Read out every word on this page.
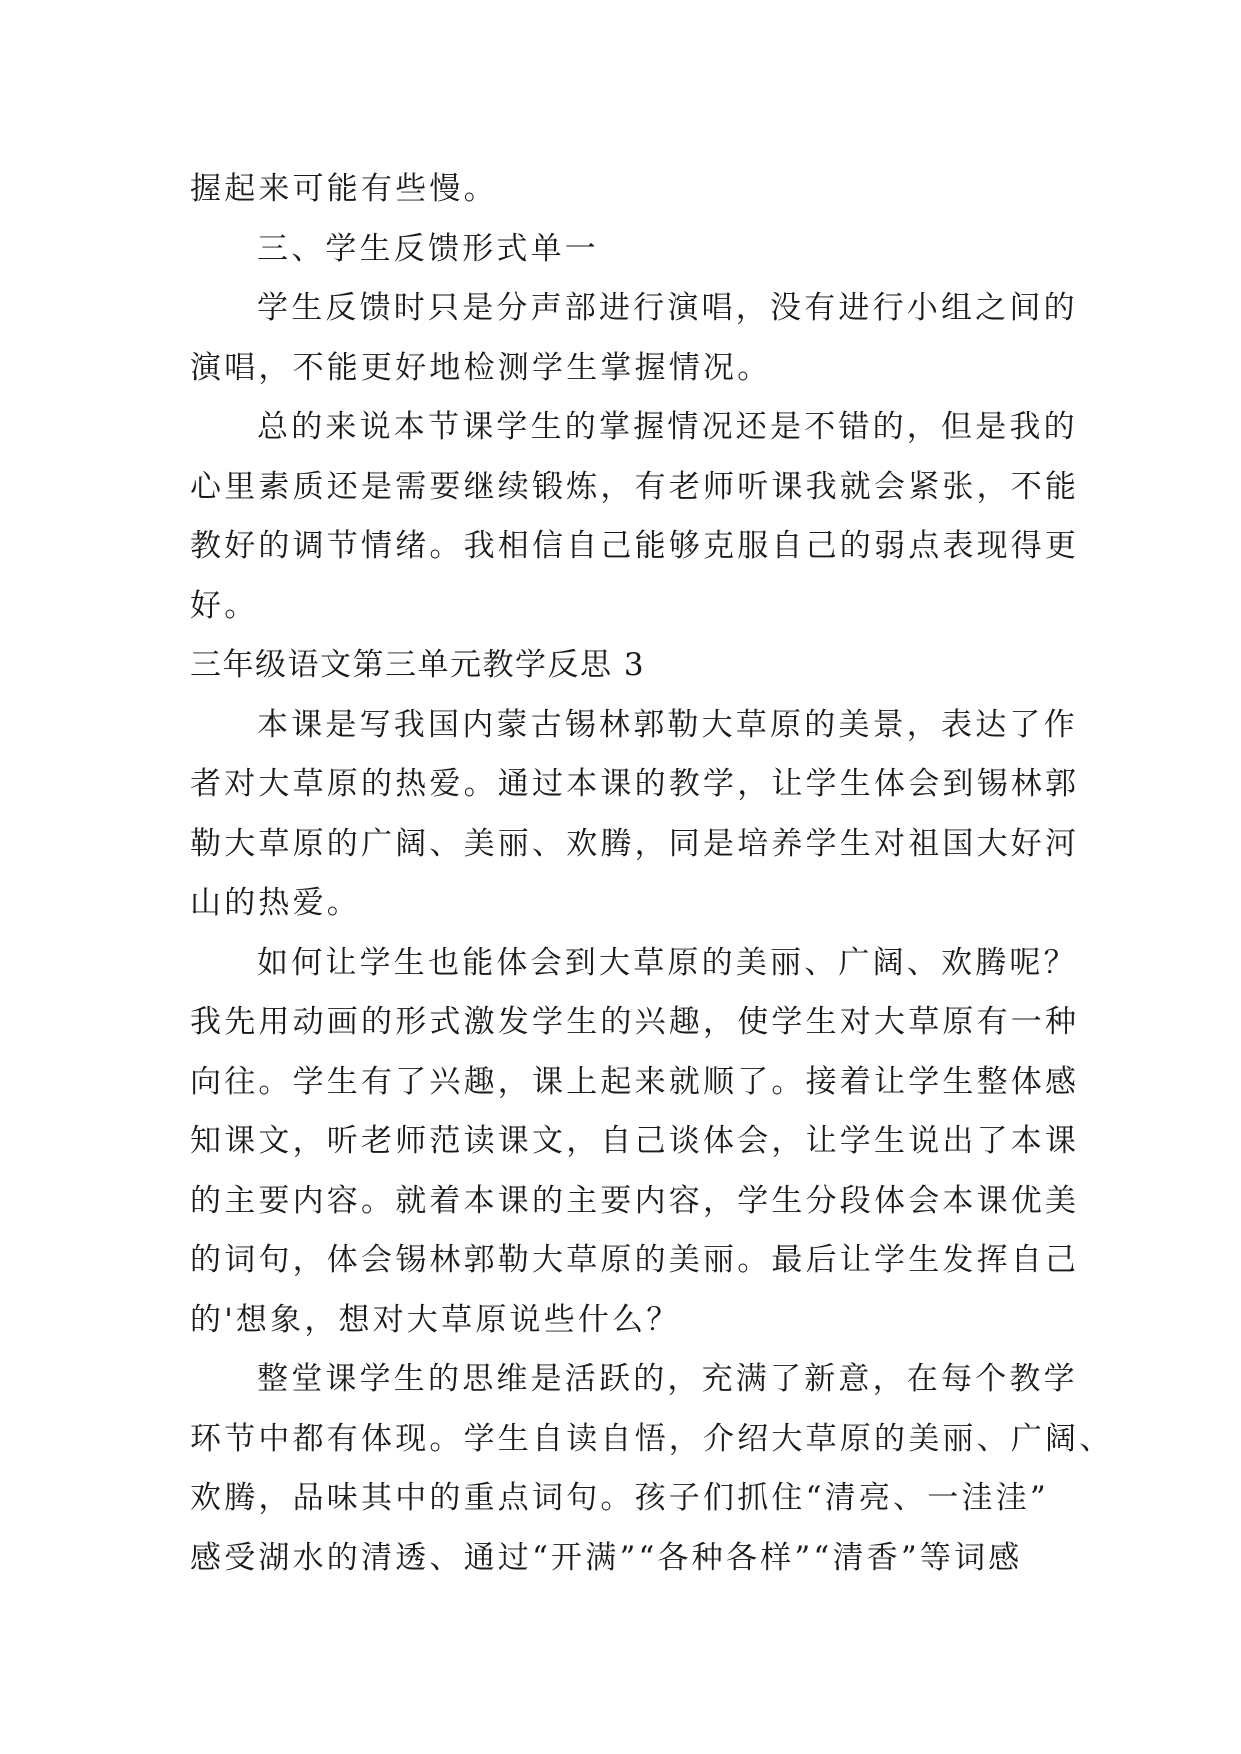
握起来可能有些慢。
三、学生反馈形式单一
学生反馈时只是分声部进行演唱，没有进行小组之间的
演唱，不能更好地检测学生掌握情况。
总的来说本节课学生的掌握情况还是不错的，但是我的
心里素质还是需要继续锻炼，有老师听课我就会紧张，不能
教好的调节情绪。我相信自己能够克服自己的弱点表现得更
好。
三年级语文第三单元教学反思 3
本课是写我国内蒙古锡林郭勒大草原的美景，表达了作
者对大草原的热爱。通过本课的教学，让学生体会到锡林郭
勒大草原的广阔、美丽、欢腾，同是培养学生对祖国大好河
山的热爱。
如何让学生也能体会到大草原的美丽、广阔、欢腾呢？
我先用动画的形式激发学生的兴趣，使学生对大草原有一种
向往。学生有了兴趣，课上起来就顺了。接着让学生整体感
知课文，听老师范读课文，自己谈体会，让学生说出了本课
的主要内容。就着本课的主要内容，学生分段体会本课优美
的词句，体会锡林郭勒大草原的美丽。最后让学生发挥自己
的'想象，想对大草原说些什么？
整堂课学生的思维是活跃的，充满了新意，在每个教学
环节中都有体现。学生自读自悟，介绍大草原的美丽、广阔、
欢腾，品味其中的重点词句。孩子们抓住“清亮、一洼洼”
感受湖水的清透、通过“开满”“各种各样”“清香”等词感
